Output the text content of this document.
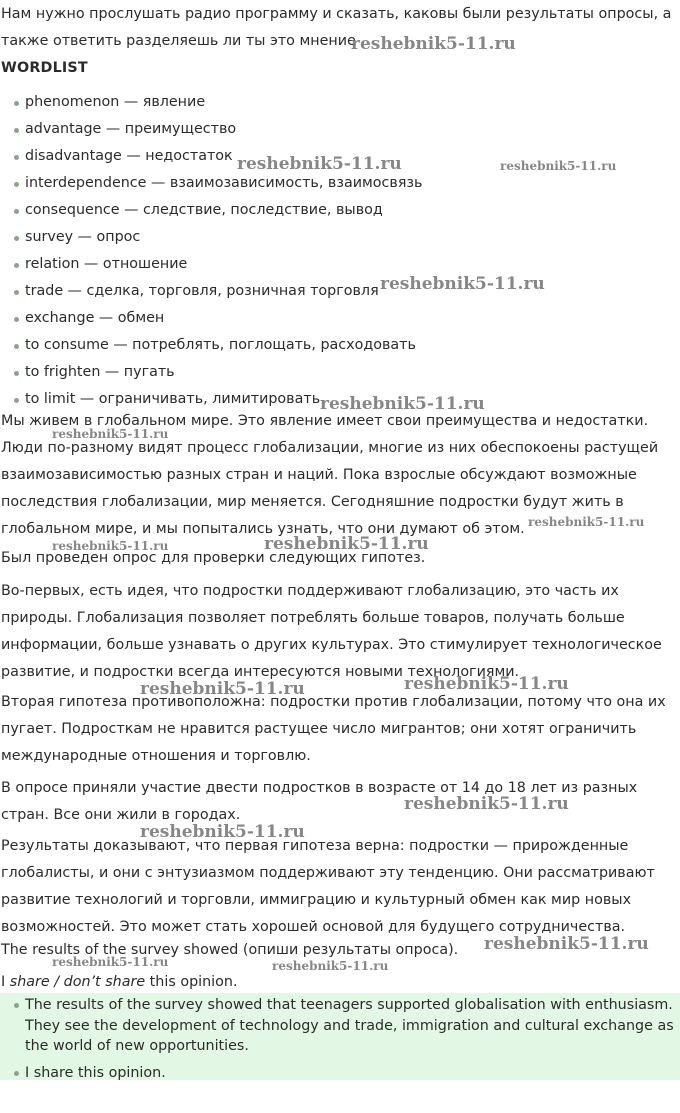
Нам нужно прослушать радио программу и сказать, каковы были результаты опросы, а также ответить разделяешь ли ты это мнение

WORDLIST
phenomenon — явление
advantage — преимущество
disadvantage — недостаток
interdependence — взаимозависимость, взаимосвязь
consequence — следствие, последствие, вывод
survey — опрос
relation — отношение
trade — сделка, торговля, розничная торговля
exchange — обмен
to consume — потреблять, поглощать, расходовать
to frighten — пугать
to limit — ограничивать, лимитировать

Мы живем в глобальном мире. Это явление имеет свои преимущества и недостатки. Люди по-разному видят процесс глобализации, многие из них обеспокоены растущей взаимозависимостью разных стран и наций. Пока взрослые обсуждают возможные последствия глобализации, мир меняется. Сегодняшние подростки будут жить в глобальном мире, и мы попытались узнать, что они думают об этом.

Был проведен опрос для проверки следующих гипотез.

Во-первых, есть идея, что подростки поддерживают глобализацию, это часть их природы. Глобализация позволяет потреблять больше товаров, получать больше информации, больше узнавать о других культурах. Это стимулирует технологическое развитие, и подростки всегда интересуются новыми технологиями.

Вторая гипотеза противоположна: подростки против глобализации, потому что она их пугает. Подросткам не нравится растущее число мигрантов; они хотят ограничить международные отношения и торговлю.

В опросе приняли участие двести подростков в возрасте от 14 до 18 лет из разных стран. Все они жили в городах.

Результаты доказывают, что первая гипотеза верна: подростки — прирожденные глобалисты, и они с энтузиазмом поддерживают эту тенденцию. Они рассматривают развитие технологий и торговли, иммиграцию и культурный обмен как мир новых возможностей. Это может стать хорошей основой для будущего сотрудничества.

The results of the survey showed (опиши результаты опроса).

I share / don’t share this opinion.

The results of the survey showed that teenagers supported globalisation with enthusiasm. They see the development of technology and trade, immigration and cultural exchange as the world of new opportunities.
I share this opinion.
reshebnik5-11.ru
reshebnik5-11.ru	reshebnik5-11.ru
reshebnik5-11.ru
reshebnik5-11.ru
reshebnik5-11.ru
reshebnik5-11.ru
reshebnik5-11.ru	reshebnik5-11.ru
reshebnik5-11.ru	reshebnik5-11.ru
reshebnik5-11.ru
reshebnik5-11.ru
reshebnik5-11.ru
reshebnik5-11.ru	reshebnik5-11.ru
